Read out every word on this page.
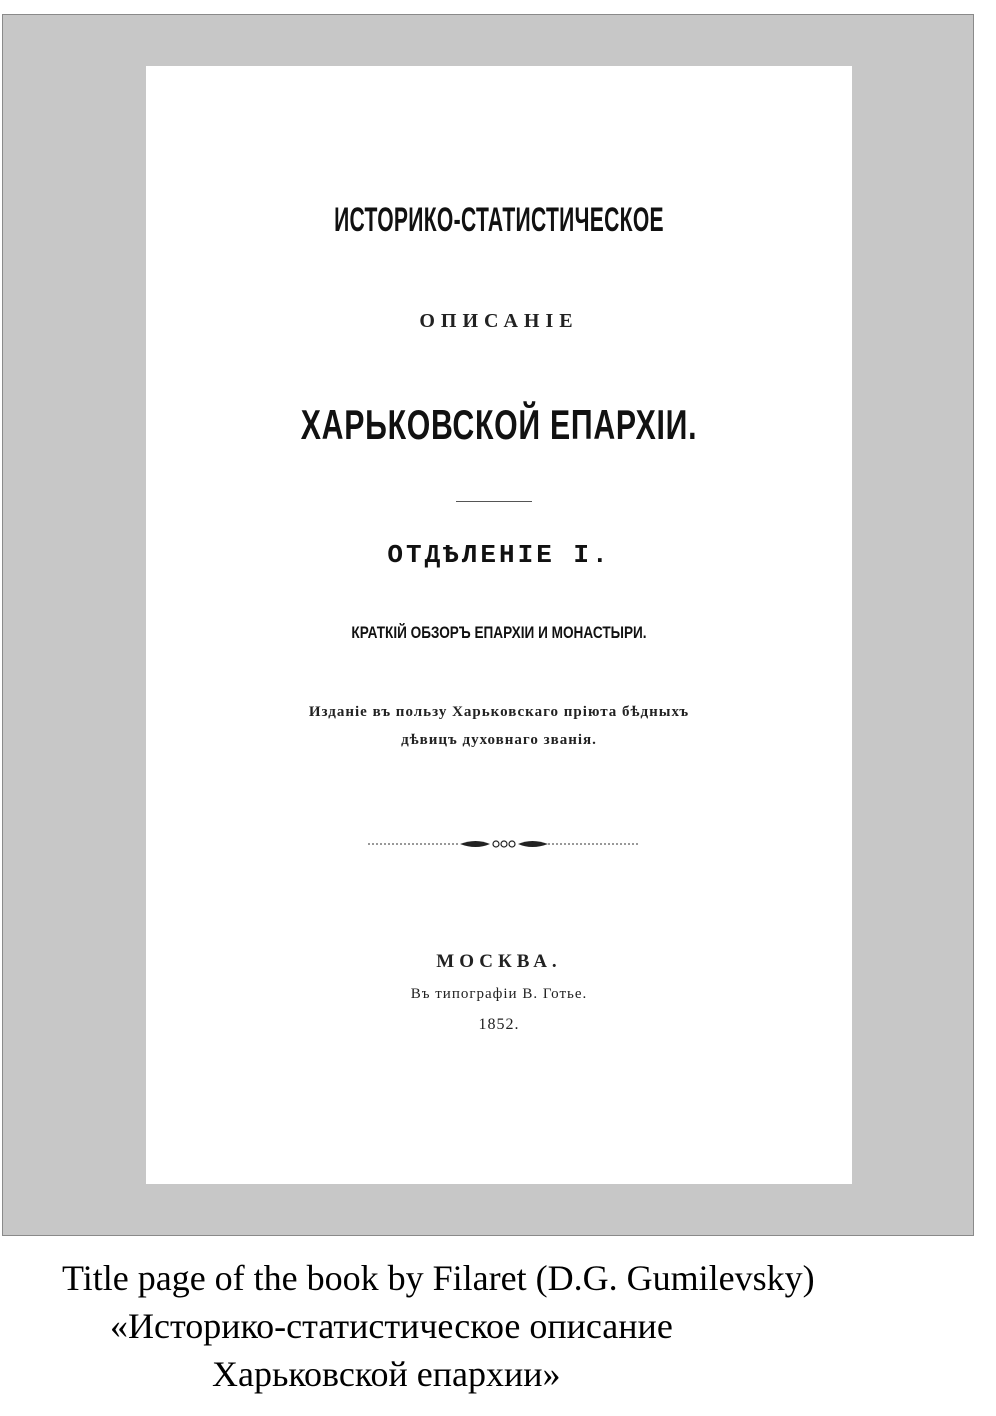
ИСТОРИКО-СТАТИСТИЧЕСКОЕ

ОПИСАНІЕ

ХАРЬКОВСКОЙ ЕПАРХІИ.

ОТДѢЛЕНІЕ I.

КРАТКІЙ ОБЗОРЪ ЕПАРХІИ И МОНАСТЫРИ.

Изданіе въ пользу Харьковскаго пріюта бѣдныхъ

дѣвицъ духовнаго званія.

МОСКВА.

Въ типографіи В. Готье.

1852.

Title page of the book by Filaret (D.G. Gumilevsky)

«Историко-статистическое описание

Харьковской епархии»
